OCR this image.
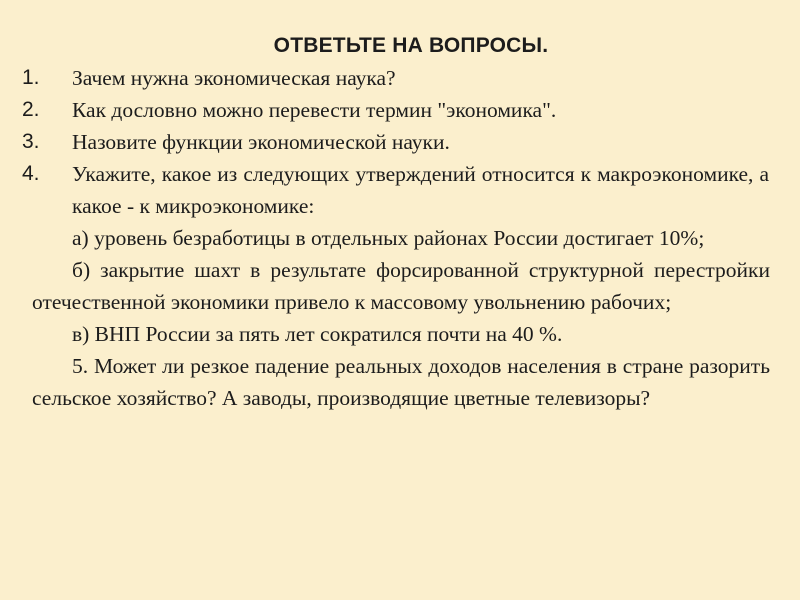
ОТВЕТЬТЕ НА ВОПРОСЫ.
1. Зачем нужна экономическая наука?
2. Как дословно можно перевести термин "экономика".
3. Назовите функции экономической науки.
4. Укажите, какое из следующих утверждений относится к макроэкономике, а какое - к микроэкономике:
а) уровень безработицы в отдельных районах России достигает 10%;
б) закрытие шахт в результате форсированной структурной перестройки отечественной экономики привело к массовому увольнению рабочих;
в) ВНП России за пять лет сократился почти на 40 %.
5. Может ли резкое падение реальных доходов населения в стране разорить сельское хозяйство? А заводы, производящие цветные телевизоры?
